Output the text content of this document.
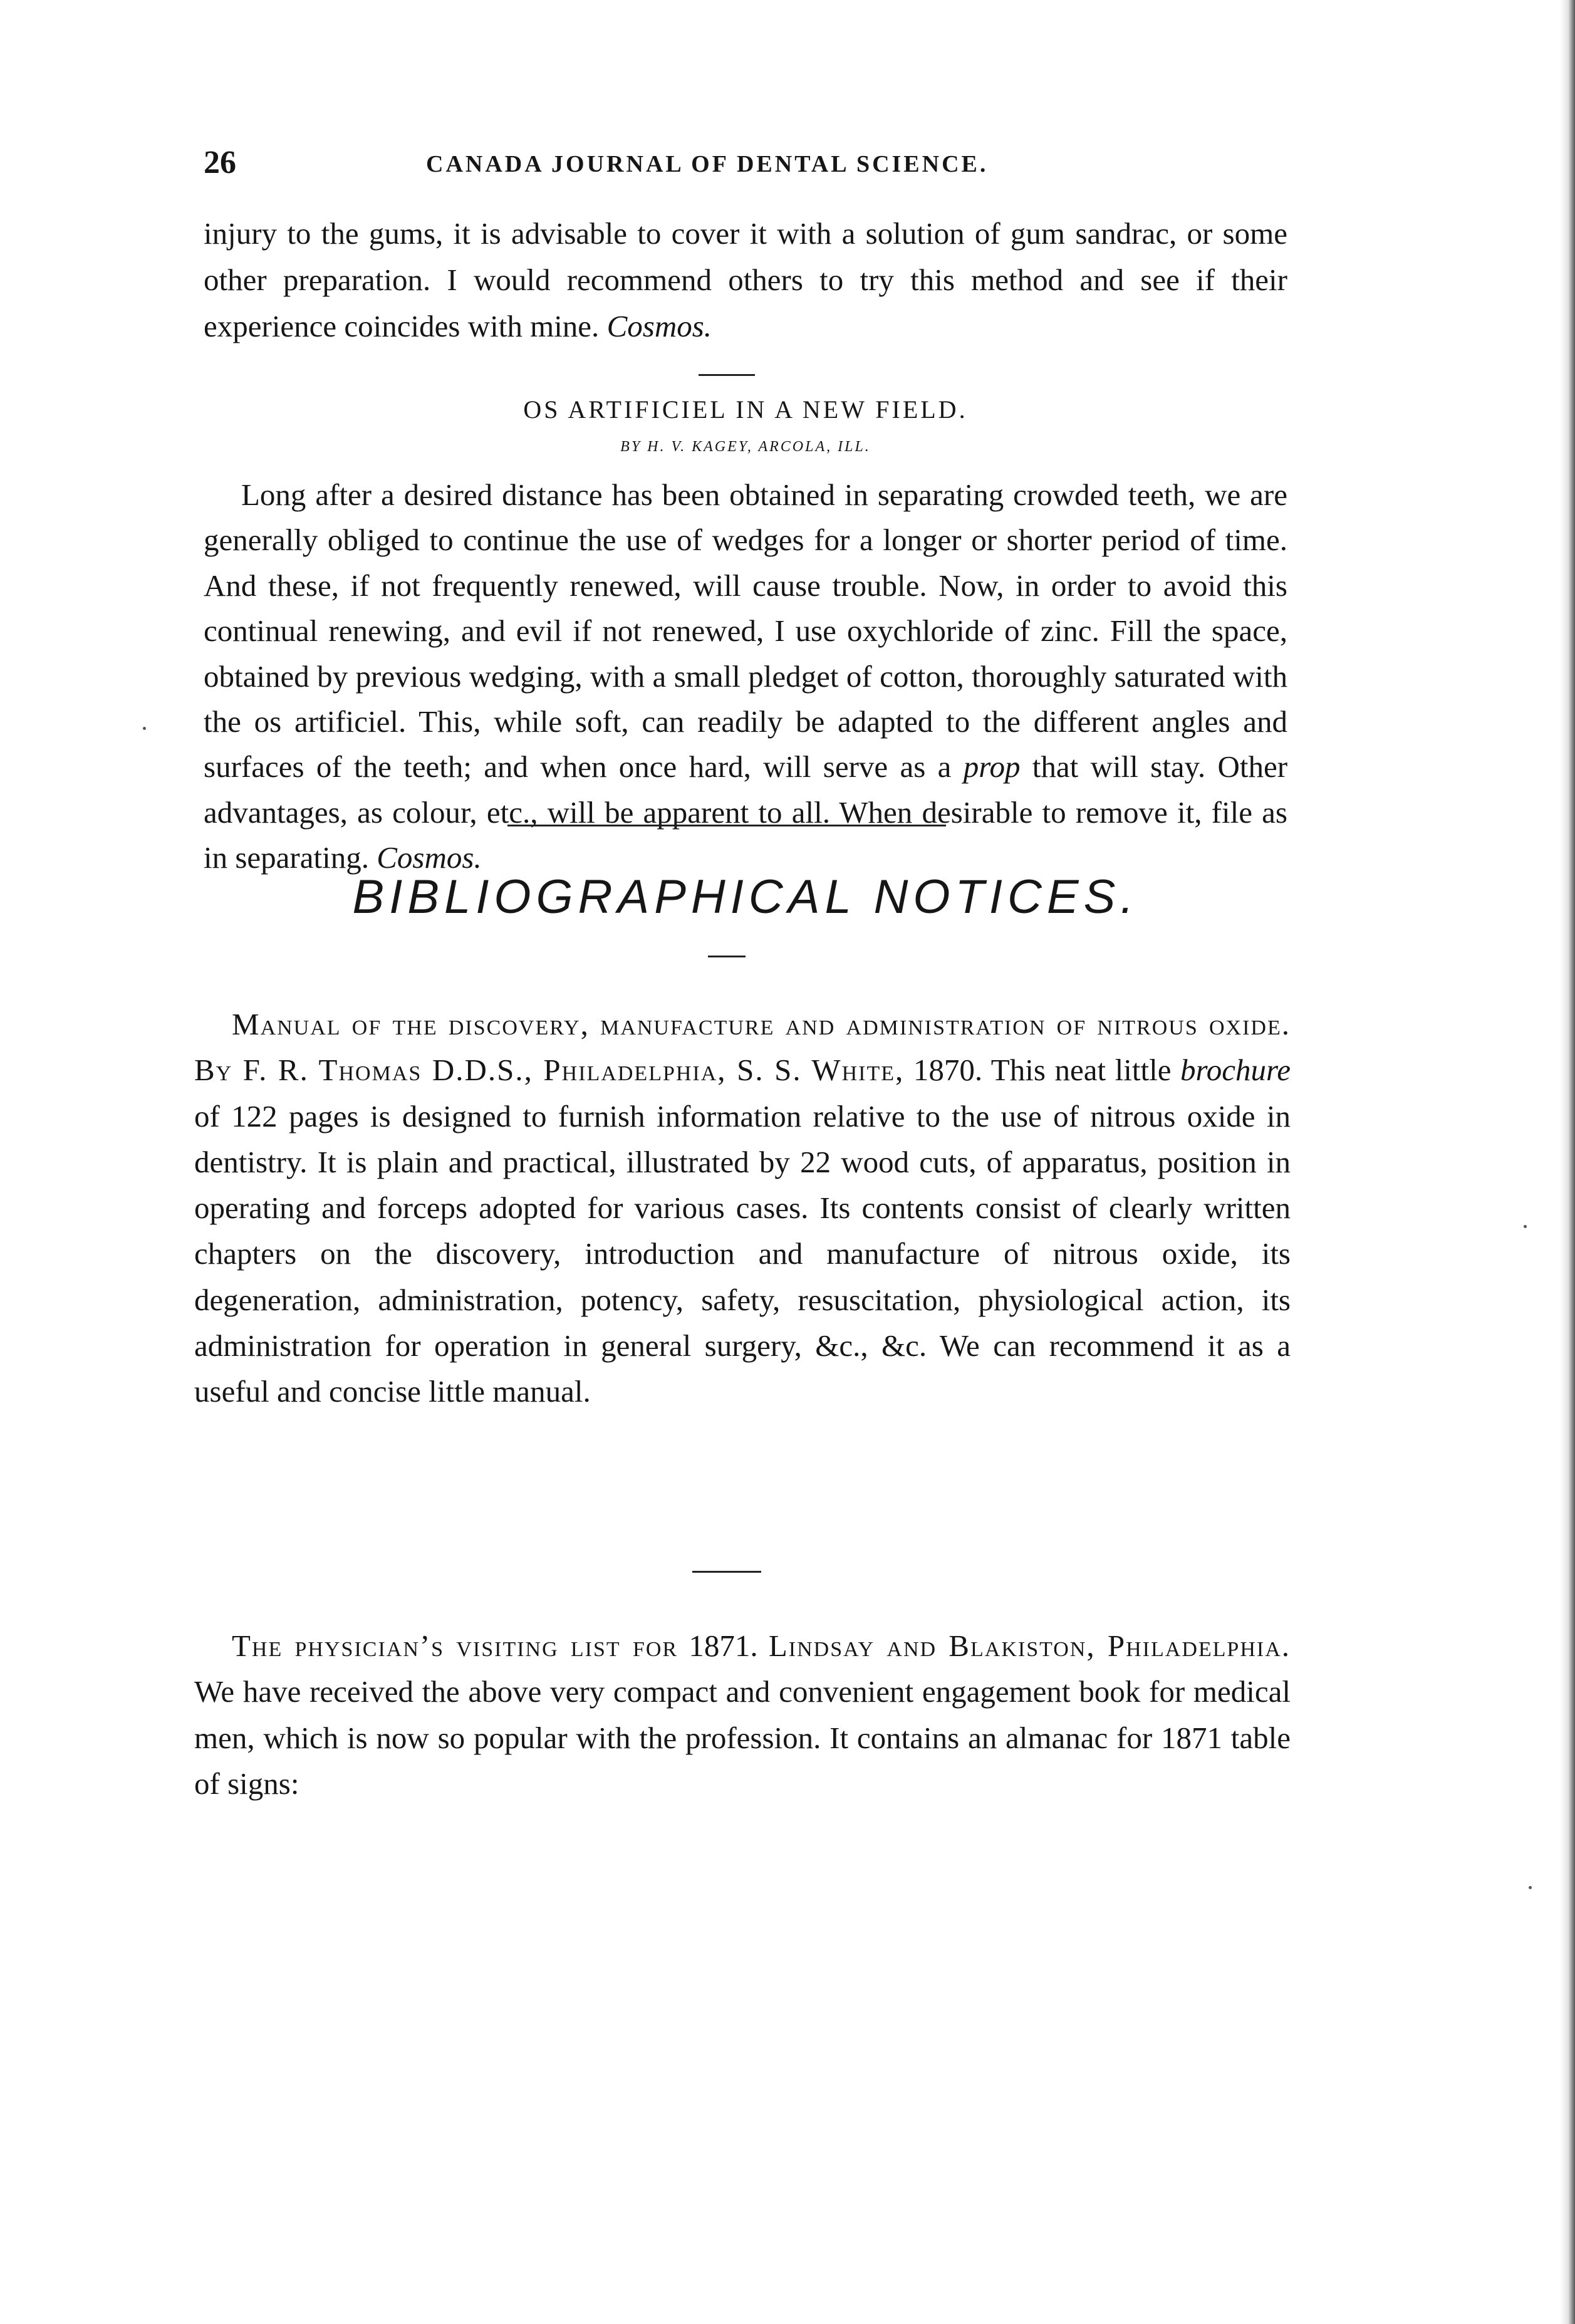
26	CANADA JOURNAL OF DENTAL SCIENCE.

injury to the gums, it is advisable to cover it with a solution of gum sandrac, or some other preparation. I would recommend others to try this method and see if their experience coincides with mine. Cosmos.

OS ARTIFICIEL IN A NEW FIELD.
BY H. V. KAGEY, ARCOLA, ILL.

Long after a desired distance has been obtained in separating crowded teeth, we are generally obliged to continue the use of wedges for a longer or shorter period of time. And these, if not frequently renewed, will cause trouble. Now, in order to avoid this continual renewing, and evil if not renewed, I use oxychloride of zinc. Fill the space, obtained by previous wedging, with a small pledget of cotton, thoroughly saturated with the os artificiel. This, while soft, can readily be adapted to the different angles and surfaces of the teeth; and when once hard, will serve as a prop that will stay. Other advantages, as colour, etc., will be apparent to all. When desirable to remove it, file as in separating. Cosmos.

BIBLIOGRAPHICAL NOTICES.

Manual of the discovery, manufacture and administration of nitrous oxide. By F. R. Thomas D.D.S., Philadelphia, S. S. White, 1870. This neat little brochure of 122 pages is designed to furnish information relative to the use of nitrous oxide in dentistry. It is plain and practical, illustrated by 22 wood cuts, of apparatus, position in operating and forceps adopted for various cases. Its contents consist of clearly written chapters on the discovery, introduction and manufacture of nitrous oxide, its degeneration, administration, potency, safety, resuscitation, physiological action, its administration for operation in general surgery, &c., &c. We can recommend it as a useful and concise little manual.

The physician’s visiting list for 1871. Lindsay and Blakiston, Philadelphia. We have received the above very compact and convenient engagement book for medical men, which is now so popular with the profession. It contains an almanac for 1871 table of signs:
